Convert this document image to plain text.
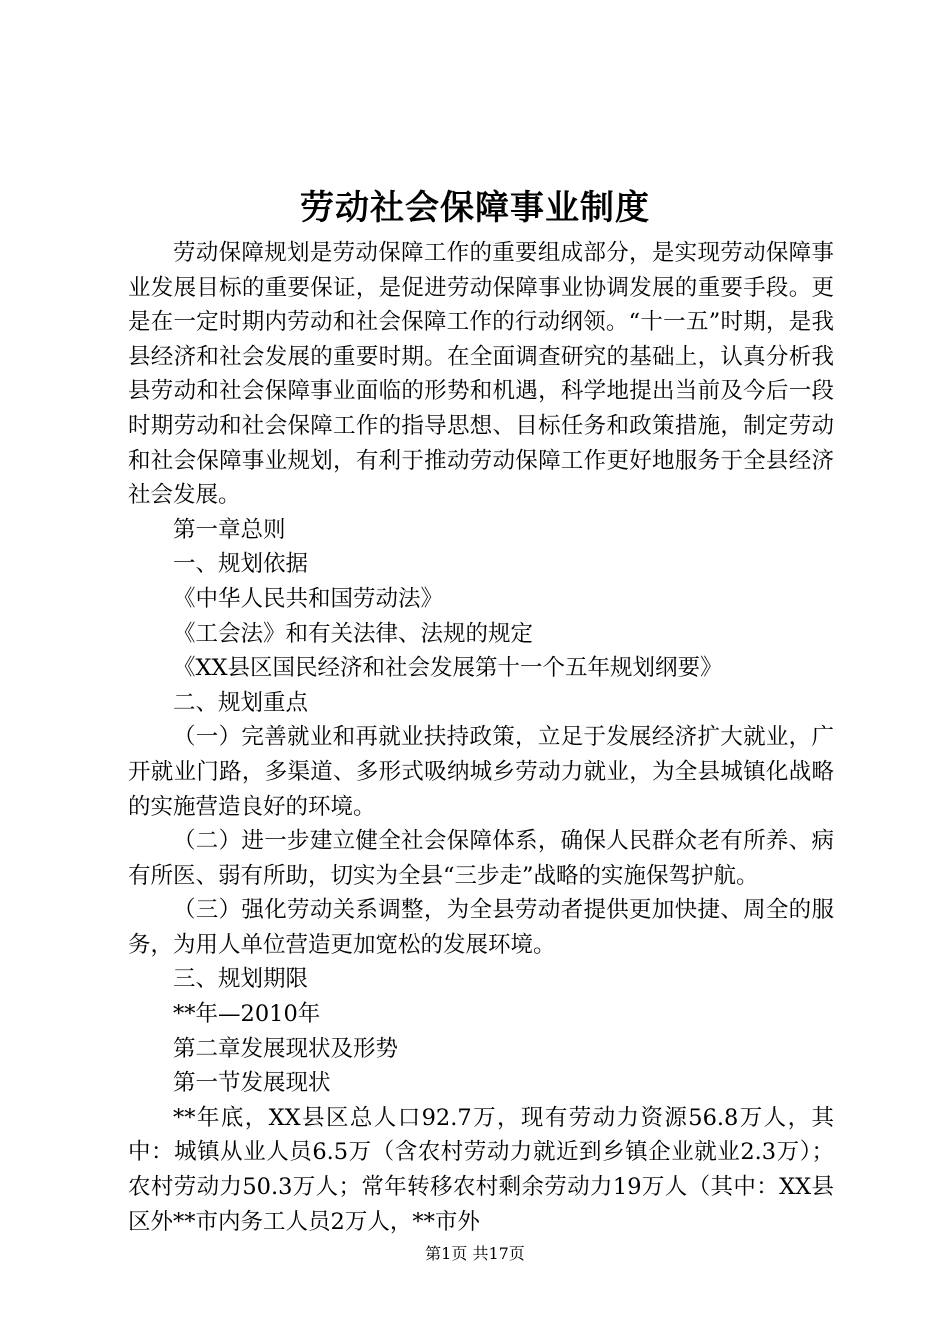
劳动社会保障事业制度

劳动保障规划是劳动保障工作的重要组成部分，是实现劳动保障事业发展目标的重要保证，是促进劳动保障事业协调发展的重要手段。更是在一定时期内劳动和社会保障工作的行动纲领。“十一五”时期，是我县经济和社会发展的重要时期。在全面调查研究的基础上，认真分析我县劳动和社会保障事业面临的形势和机遇，科学地提出当前及今后一段时期劳动和社会保障工作的指导思想、目标任务和政策措施，制定劳动和社会保障事业规划，有利于推动劳动保障工作更好地服务于全县经济社会发展。

第一章总则

一、规划依据

《中华人民共和国劳动法》

《工会法》和有关法律、法规的规定

《XX县区国民经济和社会发展第十一个五年规划纲要》

二、规划重点

（一）完善就业和再就业扶持政策，立足于发展经济扩大就业，广开就业门路，多渠道、多形式吸纳城乡劳动力就业，为全县城镇化战略的实施营造良好的环境。

（二）进一步建立健全社会保障体系，确保人民群众老有所养、病有所医、弱有所助，切实为全县“三步走”战略的实施保驾护航。

（三）强化劳动关系调整，为全县劳动者提供更加快捷、周全的服务，为用人单位营造更加宽松的发展环境。

三、规划期限

**年—2010年

第二章发展现状及形势

第一节发展现状

**年底，XX县区总人口92.7万，现有劳动力资源56.8万人，其中：城镇从业人员6.5万（含农村劳动力就近到乡镇企业就业2.3万）；农村劳动力50.3万人；常年转移农村剩余劳动力19万人（其中：XX县区外**市内务工人员2万人，**市外

第1页 共17页
